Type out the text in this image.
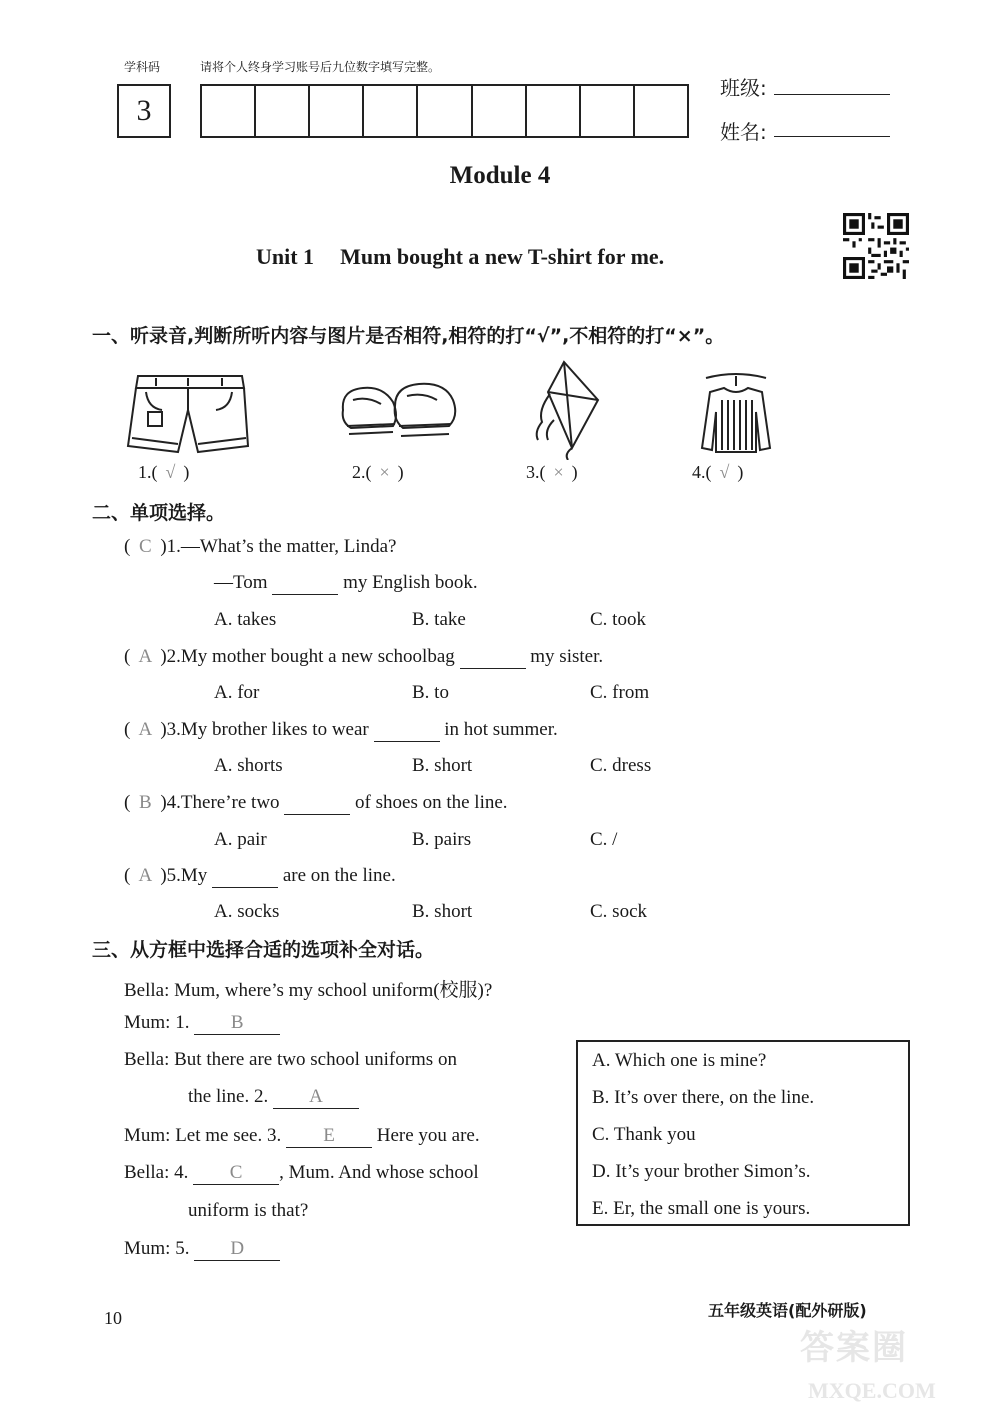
学科码	请将个人终身学习账号后九位数字填写完整。
3
班级:
姓名:
Module 4
Unit 1 Mum bought a new T-shirt for me.
一、听录音,判断所听内容与图片是否相符,相符的打“√”,不相符的打“×”。
1.( √ )	2.( × )	3.( × )	4.( √ )
二、单项选择。
( C )1.—What’s the matter, Linda?
—Tom	my English book.
A. takes	B. take	C. took
( A )2.My mother bought a new schoolbag	my sister.
A. for	B. to	C. from
( A )3.My brother likes to wear	in hot summer.
A. shorts	B. short	C. dress
( B )4.There’re two	of shoes on the line.
A. pair	B. pairs	C. /
( A )5.My	are on the line.
A. socks	B. short	C. sock
三、从方框中选择合适的选项补全对话。
Bella: Mum, where’s my school uniform(校服)?
Mum: 1. B
Bella: But there are two school uniforms on
the line. 2. A
Mum: Let me see. 3. E Here you are.
Bella: 4. C , Mum. And whose school
uniform is that?
Mum: 5. D
A. Which one is mine?
B. It’s over there, on the line.
C. Thank you
D. It’s your brother Simon’s.
E. Er, the small one is yours.
10	五年级英语(配外研版)
答案圈
MXQE.COM
